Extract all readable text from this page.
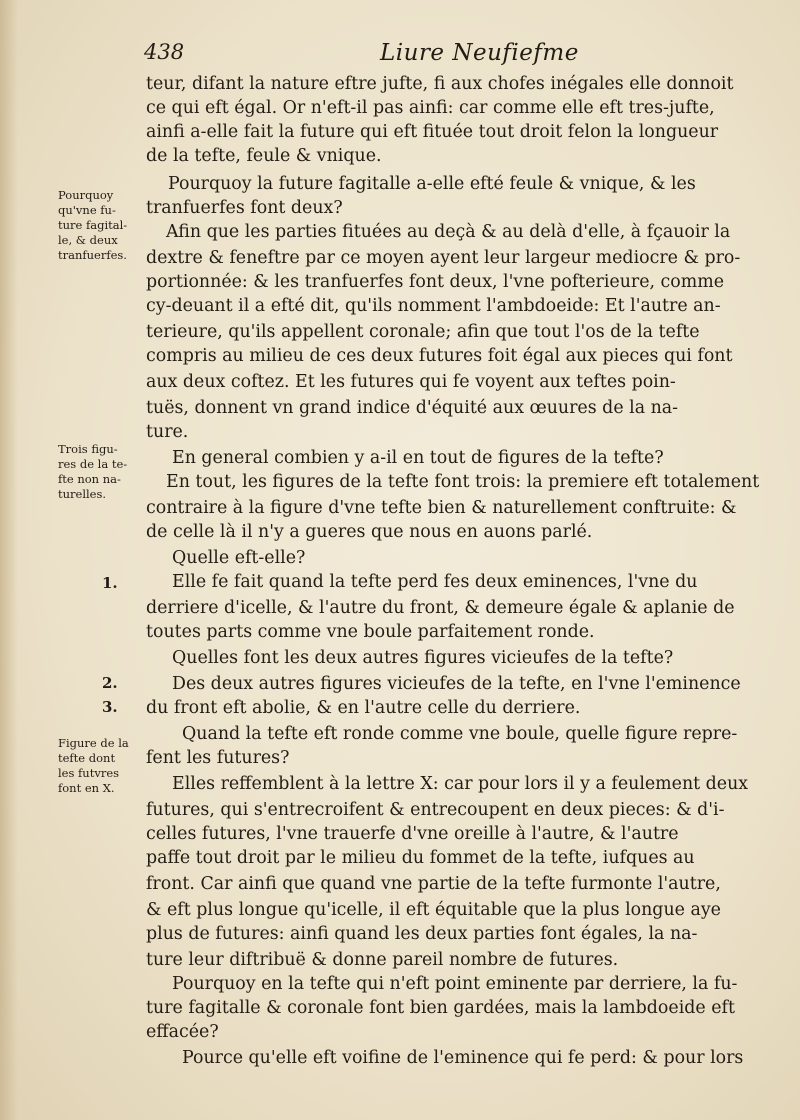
438	Liure Neufiefme
teur, difant la nature eftre jufte, fi aux chofes inégales elle donnoit
ce qui eft égal. Or n'eft-il pas ainfi: car comme elle eft tres-jufte,
ainfi a-elle fait la future qui eft fituée tout droit felon la longueur
de la tefte, feule & vnique.
Pourquoy la future fagitalle a-elle efté feule & vnique, & les
tranfuerfes font deux?
Afin que les parties fituées au deçà & au delà d'elle, à fçauoir la
dextre & feneftre par ce moyen ayent leur largeur mediocre & pro-
portionnée: & les tranfuerfes font deux, l'vne pofterieure, comme
cy-deuant il a efté dit, qu'ils nomment l'ambdoeide: Et l'autre an-
terieure, qu'ils appellent coronale; afin que tout l'os de la tefte
compris au milieu de ces deux futures foit égal aux pieces qui font
aux deux coftez. Et les futures qui fe voyent aux teftes poin-
tuës, donnent vn grand indice d'équité aux œuures de la na-
ture.
En general combien y a-il en tout de figures de la tefte?
En tout, les figures de la tefte font trois: la premiere eft totalement
contraire à la figure d'vne tefte bien & naturellement conftruite: &
de celle là il n'y a gueres que nous en auons parlé.
Quelle eft-elle?
Elle fe fait quand la tefte perd fes deux eminences, l'vne du
derriere d'icelle, & l'autre du front, & demeure égale & aplanie de
toutes parts comme vne boule parfaitement ronde.
Quelles font les deux autres figures vicieufes de la tefte?
Des deux autres figures vicieufes de la tefte, en l'vne l'eminence
du front eft abolie, & en l'autre celle du derriere.
Quand la tefte eft ronde comme vne boule, quelle figure repre-
fent les futures?
Elles reffemblent à la lettre X: car pour lors il y a feulement deux
futures, qui s'entrecroifent & entrecoupent en deux pieces: & d'i-
celles futures, l'vne trauerfe d'vne oreille à l'autre, & l'autre
paffe tout droit par le milieu du fommet de la tefte, iufques au
front. Car ainfi que quand vne partie de la tefte furmonte l'autre,
& eft plus longue qu'icelle, il eft équitable que la plus longue aye
plus de futures: ainfi quand les deux parties font égales, la na-
ture leur diftribuë & donne pareil nombre de futures.
Pourquoy en la tefte qui n'eft point eminente par derriere, la fu-
ture fagitalle & coronale font bien gardées, mais la lambdoeide eft
effacée?
Pource qu'elle eft voifine de l'eminence qui fe perd: & pour lors
Pourquoy
qu'vne fu-
ture fagital-
le, & deux
tranfuerfes.
Trois figu-
res de la te-
fte non na-
turelles.
Figure de la
tefte dont
les futvres
font en X.
1.
2.
3.
